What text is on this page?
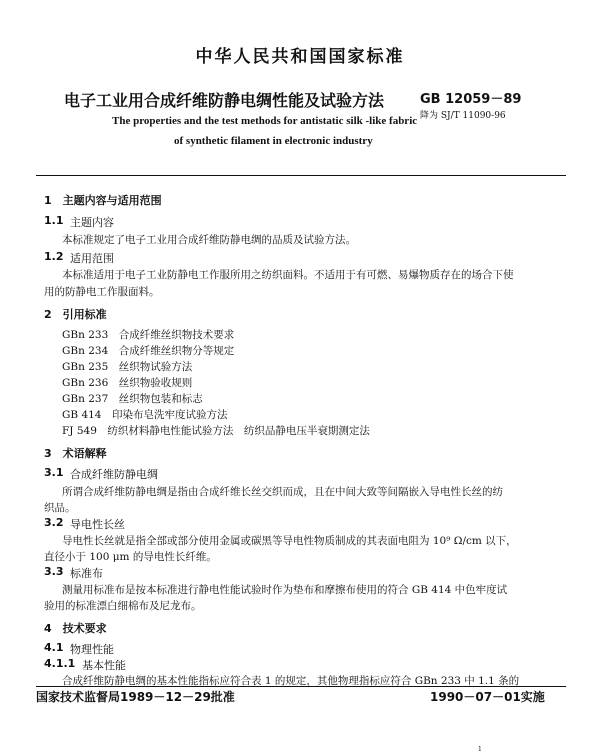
中华人民共和国国家标准
电子工业用合成纤维防静电绸性能及试验方法	GB 12059－89
降为 SJ/T 11090-96
The properties and the test methods for antistatic silk -like fabric
of synthetic filament in electronic industry
1　主题内容与适用范围
1.1 主题内容
本标准规定了电子工业用合成纤维防静电绸的品质及试验方法。
1.2 适用范围
本标准适用于电子工业防静电工作服所用之纺织面料。不适用于有可燃、易爆物质存在的场合下使
用的防静电工作服面料。
2　引用标准
GBn 233　合成纤维丝织物技术要求
GBn 234　合成纤维丝织物分等规定
GBn 235　丝织物试验方法
GBn 236　丝织物验收规则
GBn 237　丝织物包装和标志
GB 414　印染布皂洗牢度试验方法
FJ 549　纺织材料静电性能试验方法　纺织品静电压半衰期测定法
3　术语解释
3.1 合成纤维防静电绸
所谓合成纤维防静电绸是指由合成纤维长丝交织而成，且在中间大致等间隔嵌入导电性长丝的纺
织品。
3.2 导电性长丝
导电性长丝就是指全部或部分使用金属或碳黑等导电性物质制成的其表面电阻为 10⁹ Ω/cm 以下，
直径小于 100 μm 的导电性长纤维。
3.3 标准布
测量用标准布是按本标准进行静电性能试验时作为垫布和摩擦布使用的符合 GB 414 中色牢度试
验用的标准漂白细棉布及尼龙布。
4　技术要求
4.1 物理性能
4.1.1 基本性能
合成纤维防静电绸的基本性能指标应符合表 1 的规定，其他物理指标应符合 GBn 233 中 1.1 条的
国家技术监督局1989－12－29批准	1990－07－01实施
1
